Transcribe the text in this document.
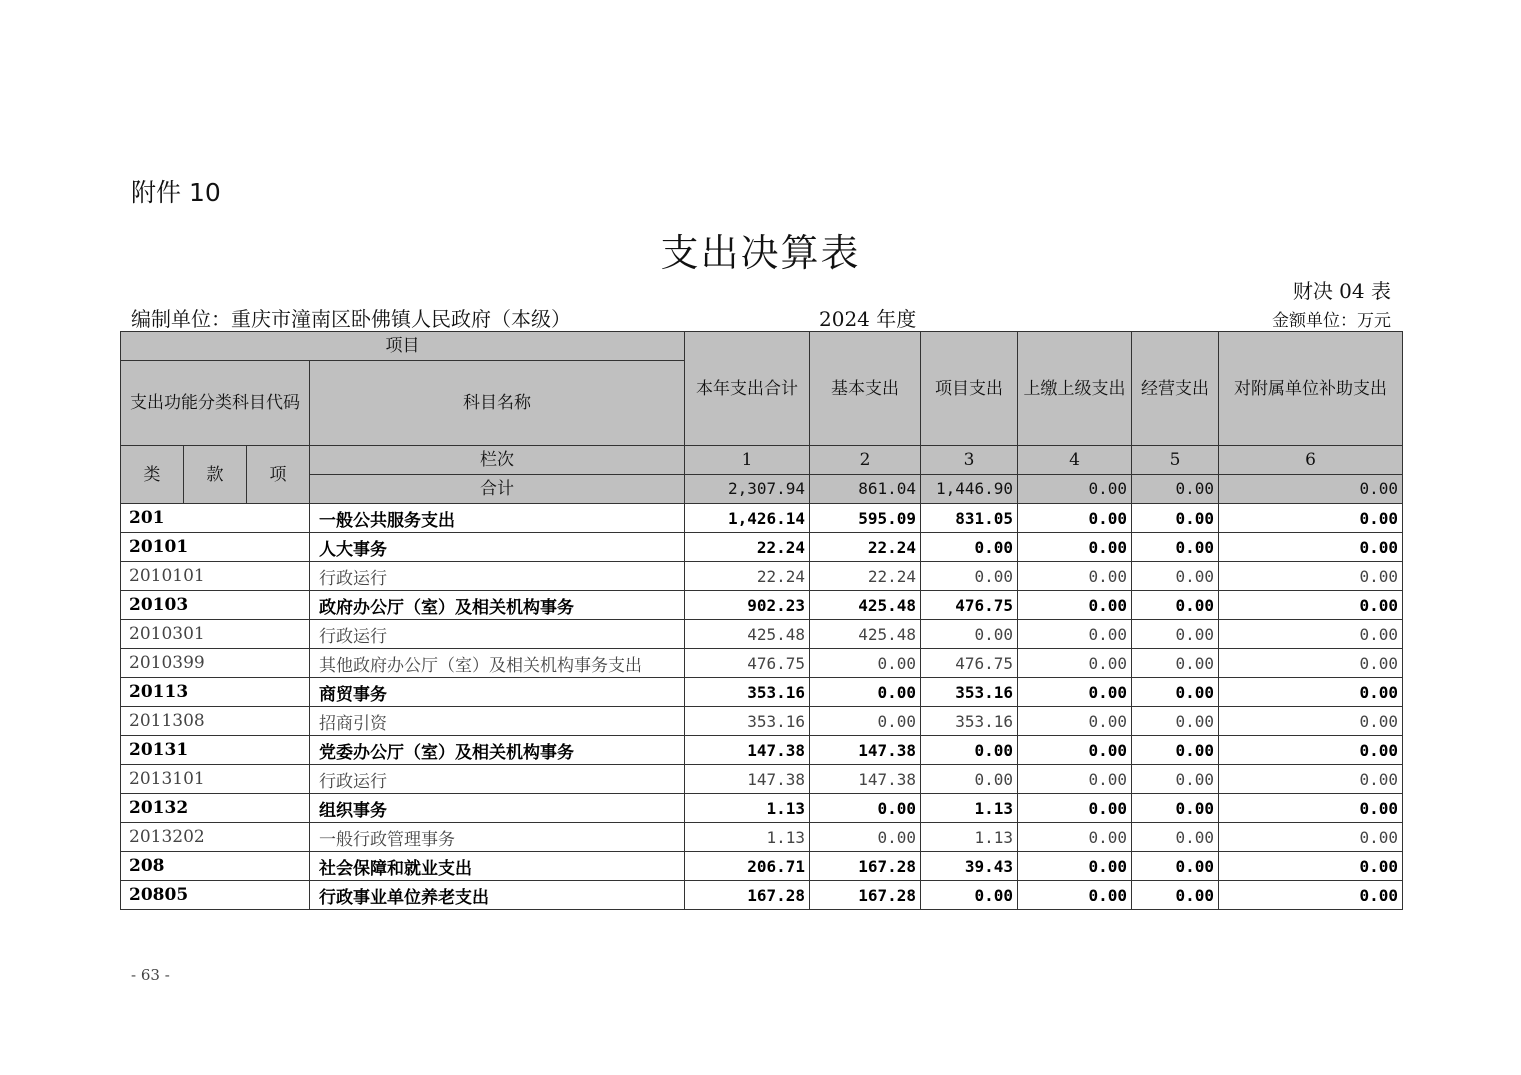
附件 10
支出决算表
财决 04 表
编制单位：重庆市潼南区卧佛镇人民政府（本级）	2024 年度	金额单位：万元
项目				本年支出合计	基本支出	项目支出	上缴上级支出	经营支出	对附属单位补助支出
支出功能分类科目代码			科目名称						
类	款	项	栏次	1	2	3	4	5	6
			合计	2,307.94	861.04	1,446.90	0.00	0.00	0.00
201			一般公共服务支出	1,426.14	595.09	831.05	0.00	0.00	0.00
20101			人大事务	22.24	22.24	0.00	0.00	0.00	0.00
2010101			行政运行	22.24	22.24	0.00	0.00	0.00	0.00
20103			政府办公厅（室）及相关机构事务	902.23	425.48	476.75	0.00	0.00	0.00
2010301			行政运行	425.48	425.48	0.00	0.00	0.00	0.00
2010399			其他政府办公厅（室）及相关机构事务支出	476.75	0.00	476.75	0.00	0.00	0.00
20113			商贸事务	353.16	0.00	353.16	0.00	0.00	0.00
2011308			招商引资	353.16	0.00	353.16	0.00	0.00	0.00
20131			党委办公厅（室）及相关机构事务	147.38	147.38	0.00	0.00	0.00	0.00
2013101			行政运行	147.38	147.38	0.00	0.00	0.00	0.00
20132			组织事务	1.13	0.00	1.13	0.00	0.00	0.00
2013202			一般行政管理事务	1.13	0.00	1.13	0.00	0.00	0.00
208			社会保障和就业支出	206.71	167.28	39.43	0.00	0.00	0.00
20805			行政事业单位养老支出	167.28	167.28	0.00	0.00	0.00	0.00
- 63 -
